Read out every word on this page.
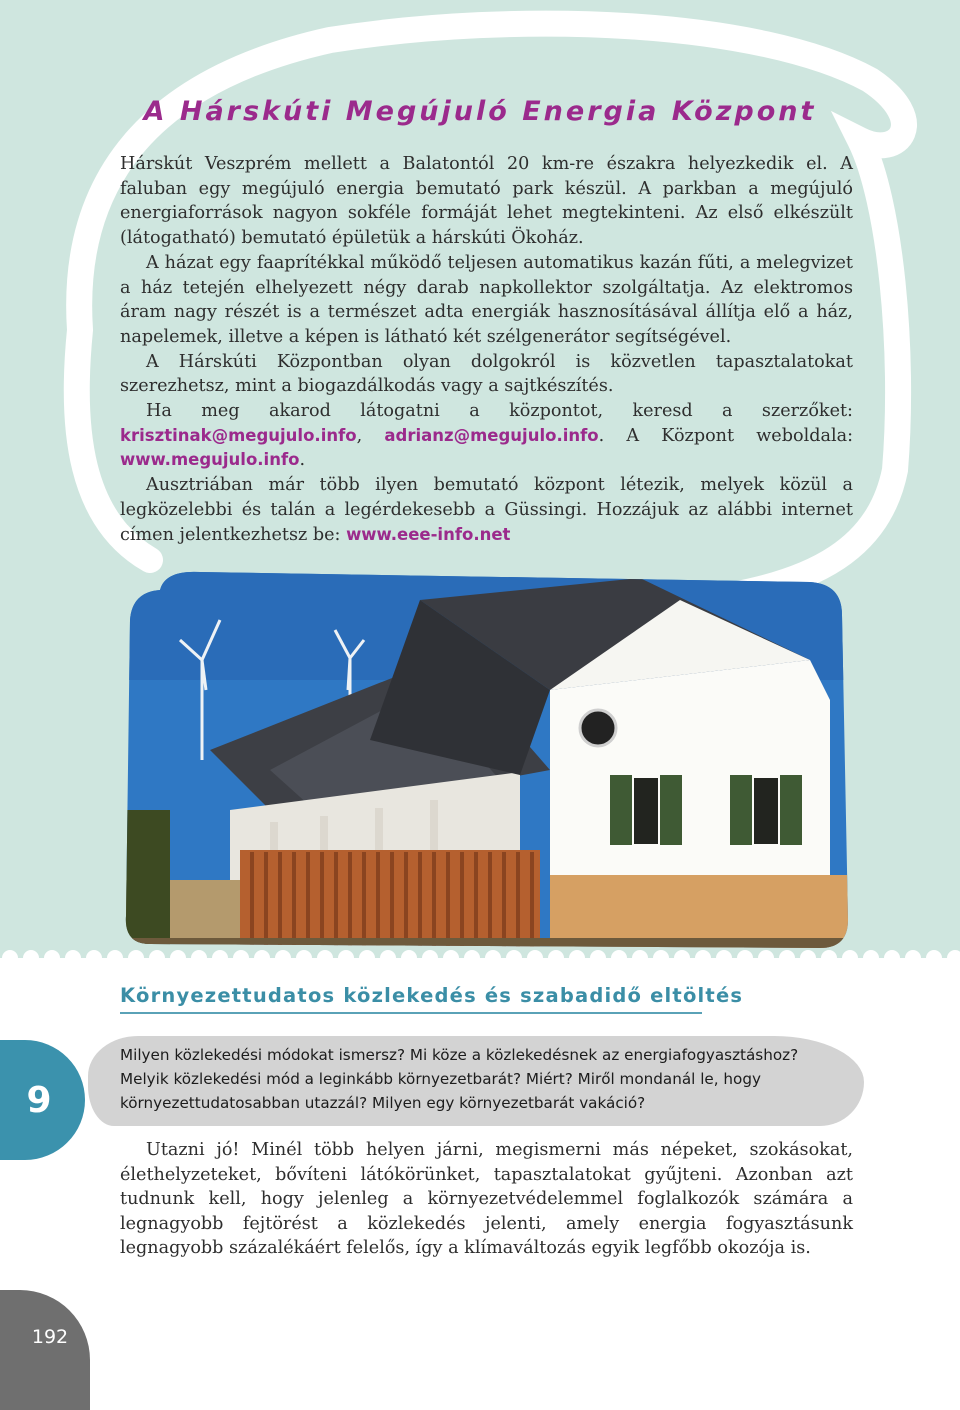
A Hárskúti Megújuló Energia Központ

Hárskút Veszprém mellett a Balatontól 20 km-re északra helyezkedik el. A faluban egy megújuló energia bemutató park készül. A parkban a megújuló energiaforrások nagyon sokféle formáját lehet megtekinteni. Az első elkészült (látogatható) bemutató épületük a hárskúti Ökoház.

A házat egy faaprítékkal működő teljesen automatikus kazán fűti, a melegvizet a ház tetején elhelyezett négy darab napkollektor szolgáltatja. Az elektromos áram nagy részét is a természet adta energiák hasznosításával állítja elő a ház, napelemek, illetve a képen is látható két szélgenerátor segítségével.

A Hárskúti Központban olyan dolgokról is közvetlen tapasztalatokat szerezhetsz, mint a biogazdálkodás vagy a sajtkészítés.

Ha meg akarod látogatni a központot, keresd a szerzőket: krisztinak@megujulo.info, adrianz@megujulo.info. A Központ weboldala: www.megujulo.info.

Ausztriában már több ilyen bemutató központ létezik, melyek közül a legközelebbi és talán a legérdekesebb a Güssingi. Hozzájuk az alábbi internet címen jelentkezhetsz be: www.eee-info.net

Környezettudatos közlekedés és szabadidő eltöltés
9

Milyen közlekedési módokat ismersz? Mi köze a közlekedésnek az energiafogyasztáshoz? Melyik közlekedési mód a leginkább környezetbarát? Miért? Miről mondanál le, hogy környezettudatosabban utazzál? Milyen egy környezetbarát vakáció?

Utazni jó! Minél több helyen járni, megismerni más népeket, szokásokat, élethelyzeteket, bővíteni látókörünket, tapasztalatokat gyűjteni. Azonban azt tudnunk kell, hogy jelenleg a környezetvédelemmel foglalkozók számára a legnagyobb fejtörést a közlekedés jelenti, amely energia fogyasztásunk legnagyobb százalékáért felelős, így a klímaváltozás egyik legfőbb okozója is.

192
